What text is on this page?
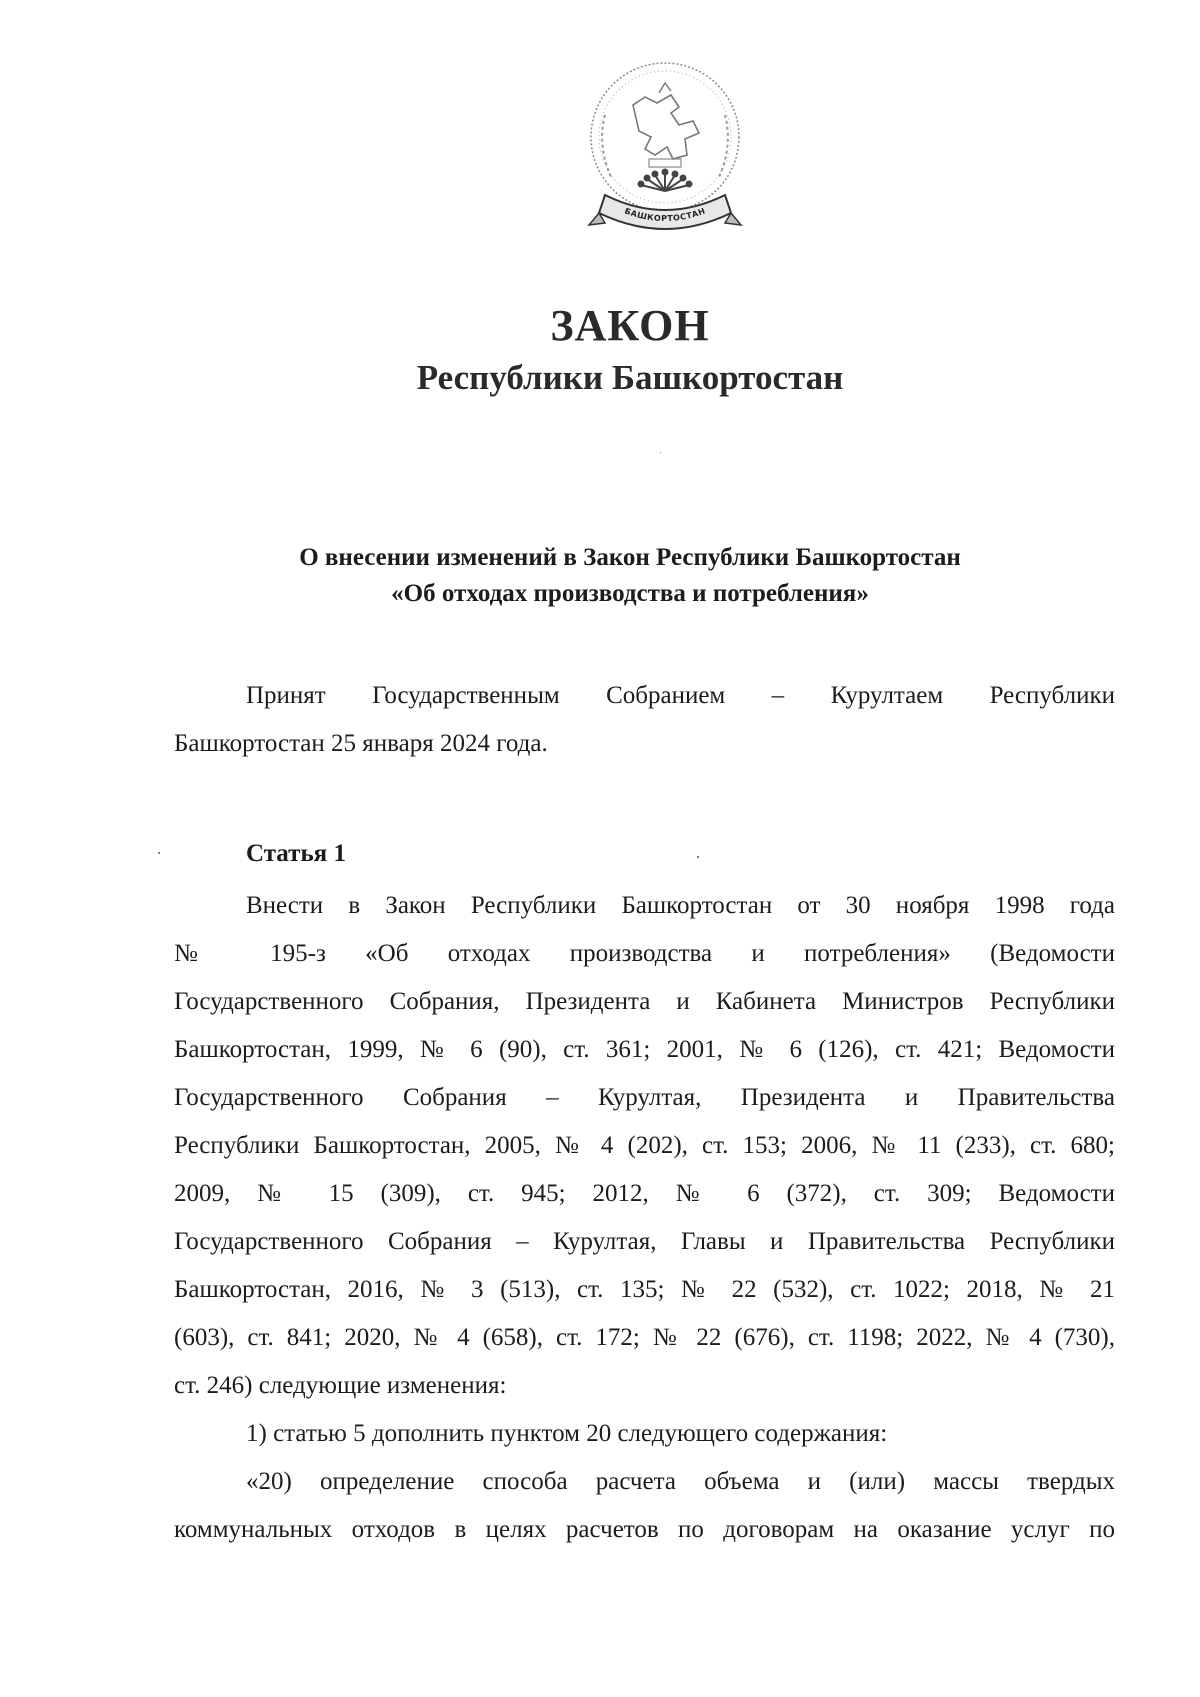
БАШКОРТОСТАН
ЗАКОН
Республики Башкортостан

О внесении изменений в Закон Республики Башкортостан

«Об отходах производства и потребления»

Принят Государственным Собранием – Курултаем Республики
Башкортостан 25 января 2024 года.
Статья 1
Внести в Закон Республики Башкортостан от 30 ноября 1998 года
№ 195-з «Об отходах производства и потребления» (Ведомости
Государственного Собрания, Президента и Кабинета Министров Республики
Башкортостан, 1999, № 6 (90), ст. 361; 2001, № 6 (126), ст. 421; Ведомости
Государственного Собрания – Курултая, Президента и Правительства
Республики Башкортостан, 2005, № 4 (202), ст. 153; 2006, № 11 (233), ст. 680;
2009, № 15 (309), ст. 945; 2012, № 6 (372), ст. 309; Ведомости
Государственного Собрания – Курултая, Главы и Правительства Республики
Башкортостан, 2016, № 3 (513), ст. 135; № 22 (532), ст. 1022; 2018, № 21
(603), ст. 841; 2020, № 4 (658), ст. 172; № 22 (676), ст. 1198; 2022, № 4 (730),
ст. 246) следующие изменения:
1) статью 5 дополнить пунктом 20 следующего содержания:
«20) определение способа расчета объема и (или) массы твердых
коммунальных отходов в целях расчетов по договорам на оказание услуг по
